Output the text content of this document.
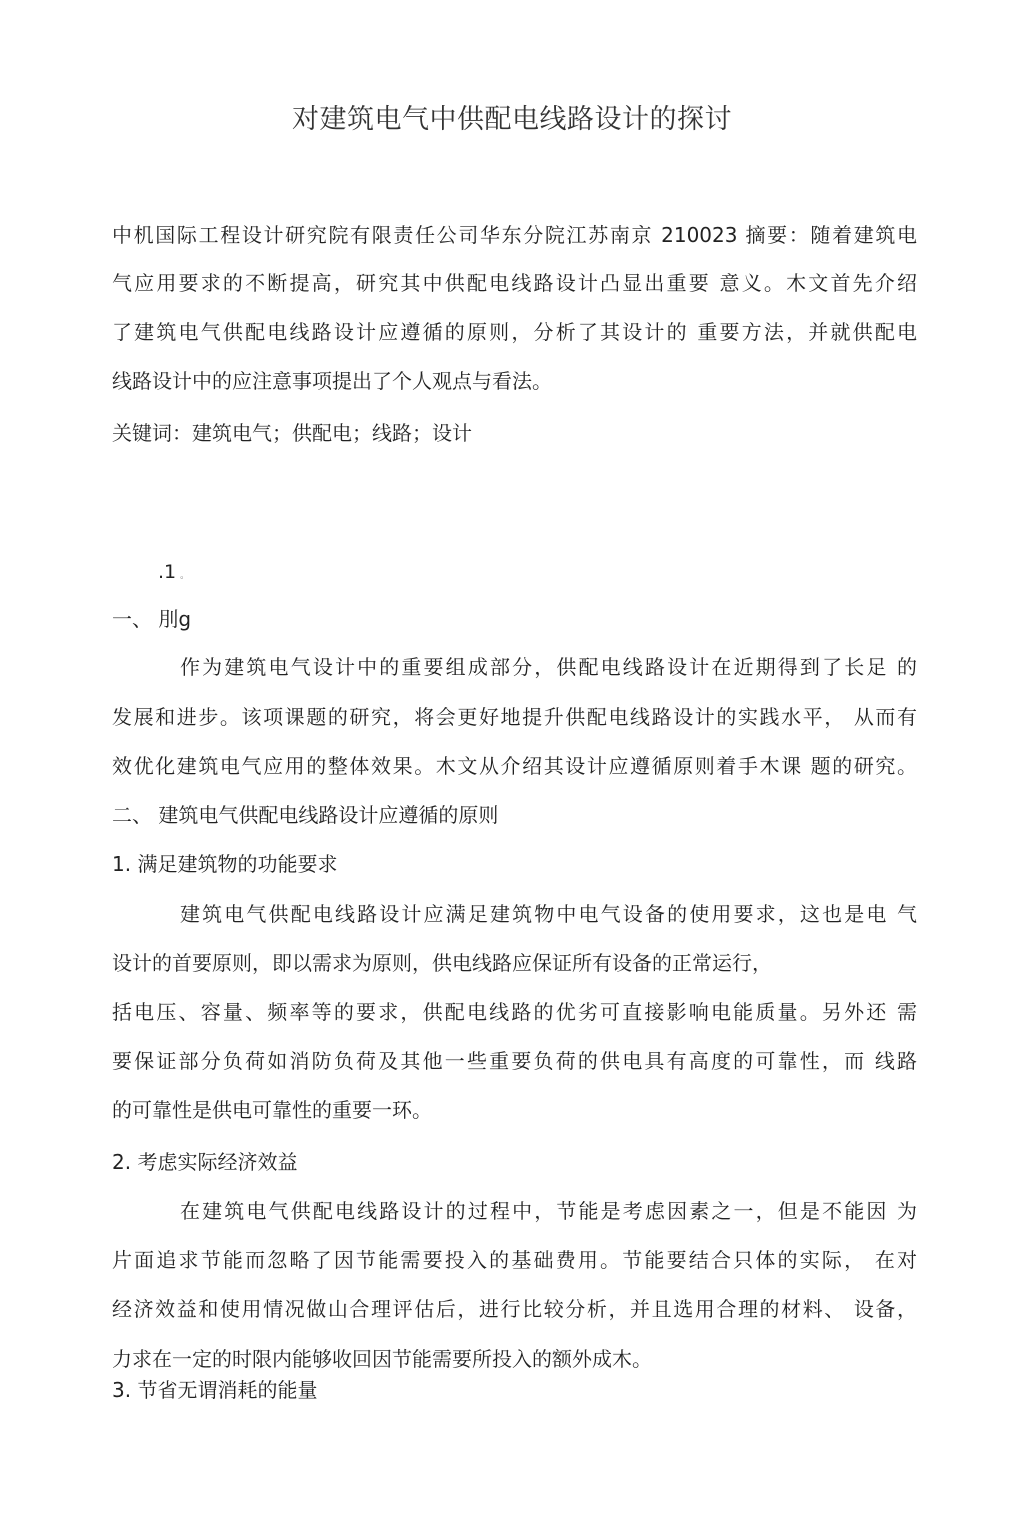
对建筑电气中供配电线路设计的探讨

中机国际工程设计研究院有限责任公司华东分院江苏南京 210023 摘要：随着建筑电

气应用要求的不断提高，研究其中供配电线路设计凸显出重要 意义。木文首先介绍

了建筑电气供配电线路设计应遵循的原则，分析了其设计的 重要方法，并就供配电

线路设计中的应注意事项提出了个人观点与看法。

关键词：建筑电气；供配电；线路；设计

.1 。

一、 刖g

作为建筑电气设计中的重要组成部分，供配电线路设计在近期得到了长足 的

发展和进步。该项课题的研究，将会更好地提升供配电线路设计的实践水平， 从而有

效优化建筑电气应用的整体效果。木文从介绍其设计应遵循原则着手木课 题的研究。

二、 建筑电气供配电线路设计应遵循的原则

1. 满足建筑物的功能要求

建筑电气供配电线路设计应满足建筑物中电气设备的使用要求，这也是电 气

设计的首要原则，即以需求为原则，供电线路应保证所有设备的正常运行，

括电压、容量、频率等的要求，供配电线路的优劣可直接影响电能质量。另外还 需

要保证部分负荷如消防负荷及其他一些重要负荷的供电具有高度的可靠性，而 线路

的可靠性是供电可靠性的重要一环。

2. 考虑实际经济效益

在建筑电气供配电线路设计的过程中，节能是考虑因素之一，但是不能因 为

片面追求节能而忽略了因节能需要投入的基础费用。节能要结合只体的实际， 在对

经济效益和使用情况做山合理评估后，进行比较分析，并且选用合理的材料、 设备，

力求在一定的时限内能够收回因节能需要所投入的额外成木。

3. 节省无谓消耗的能量
